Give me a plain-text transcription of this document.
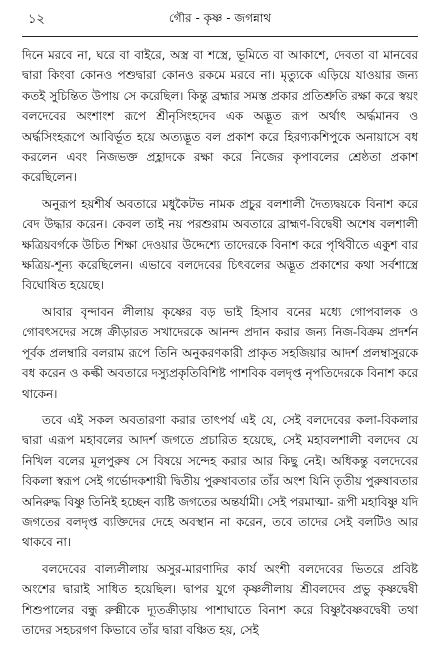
১২	গৌর - কৃষ্ণ - জগন্নাথ

দিনে মরবে না, ঘরে বা বাইরে, অস্ত্র বা শস্ত্রে, ভূমিতে বা আকাশে, দেবতা বা মানবের দ্বারা কিংবা কোনও পশুদ্বারা কোনও রকমে মরবে না। মৃত্যুকে এড়িয়ে যাওয়ার জন্য কতই সুচিন্তিত উপায় সে করেছিল। কিন্তু ব্রহ্মার সমস্ত প্রকার প্রতিশ্রুতি রক্ষা করে স্বয়ং বলদেবের অংশাংশ রূপে শ্রীনৃসিংহদেব এক অদ্ভূত রূপ অর্থাৎ অর্দ্ধমানব ও অর্দ্ধসিংহরূপে আবির্ভূত হয়ে অত্যদ্ভূত বল প্রকাশ করে হিরণ্যকশিপুকে অনায়াসে বধ করলেন এবং নিজভক্ত প্রহ্লাদকে রক্ষা করে নিজের কৃপাবলের শ্রেষ্ঠতা প্রকাশ করেছিলেন।

অনুরূপ হয়শীর্ষ অবতারে মধুকৈটভ নামক প্রচুর বলশালী দৈত্যদ্বয়কে বিনাশ করে বেদ উদ্ধার করেন। কেবল তাই নয় পরশুরাম অবতারে ব্রাহ্মণ-বিদ্বেষী অশেষ বলশালী ক্ষত্রিয়বর্গকে উচিত শিক্ষা দেওয়ার উদ্দেশ্যে তাদেরকে বিনাশ করে পৃথিবীতে একুশ বার ক্ষত্রিয়-শূন্য করেছিলেন। এভাবে বলদেবের চিৎবলের অদ্ভূত প্রকাশের কথা সর্বশাস্ত্রে বিঘোষিত হয়েছে।

আবার বৃন্দাবন লীলায় কৃষ্ণের বড় ভাই হিসাব বনের মধ্যে গোপবালক ও গোবৎসদের সঙ্গে ক্রীড়ারত সখাদেরকে আনন্দ প্রদান করার জন্য নিজ-বিক্রম প্রদর্শন পূর্বক প্রলম্বারি বলরাম রূপে তিনি অনুকরণকারী প্রাকৃত সহজিয়ার আদর্শ প্রলম্বাসুরকে বধ করেন ও কল্কী অবতারে দস্যুপ্রকৃতিবিশিষ্ট পাশবিক বলদৃপ্ত নৃপতিদেরকে বিনাশ করে থাকেন।

তবে এই সকল অবতারণা করার তাৎপর্য এই যে, সেই বলদেবের কলা-বিকলার দ্বারা এরূপ মহাবলের আদর্শ জগতে প্রচারিত হয়েছে, সেই মহাবলশালী বলদেব যে নিখিল বলের মূলপুরুষ সে বিষয়ে সন্দেহ করার আর কিছু নেই। অধিকন্তু বলদেবের বিকলা স্বরূপ সেই গর্ভোদকশায়ী দ্বিতীয় পুরুষাবতার তাঁর অংশ যিনি তৃতীয় পুরুষাবতার অনিরুদ্ধ বিষ্ণু তিনিই হচ্ছেন ব্যষ্টি জগতের অন্তর্যামী। সেই পরমাত্মা- রূপী মহাবিষ্ণু যদি জগতের বলদৃপ্ত ব্যক্তিদের দেহে অবস্থান না করেন, তবে তাদের সেই বলটিও আর থাকবে না।

বলদেবের বাল্যলীলায় অসুর-মারণাদির কার্য অংশী বলদেবের ভিতরে প্রবিষ্ট অংশের দ্বারাই সাধিত হয়েছিল। দ্বাপর যুগে কৃষ্ণলীলায় শ্রীবলদেব প্রভু কৃষ্ণদ্বেষী শিশুপালের বন্ধু রুক্মীকে দ্যূতক্রীড়ায় পাশাঘাতে বিনাশ করে বিষ্ণুবৈষ্ণবদ্বেষী তথা তাদের সহচরগণ কিভাবে তাঁর দ্বারা বঞ্চিত হয়, সেই
